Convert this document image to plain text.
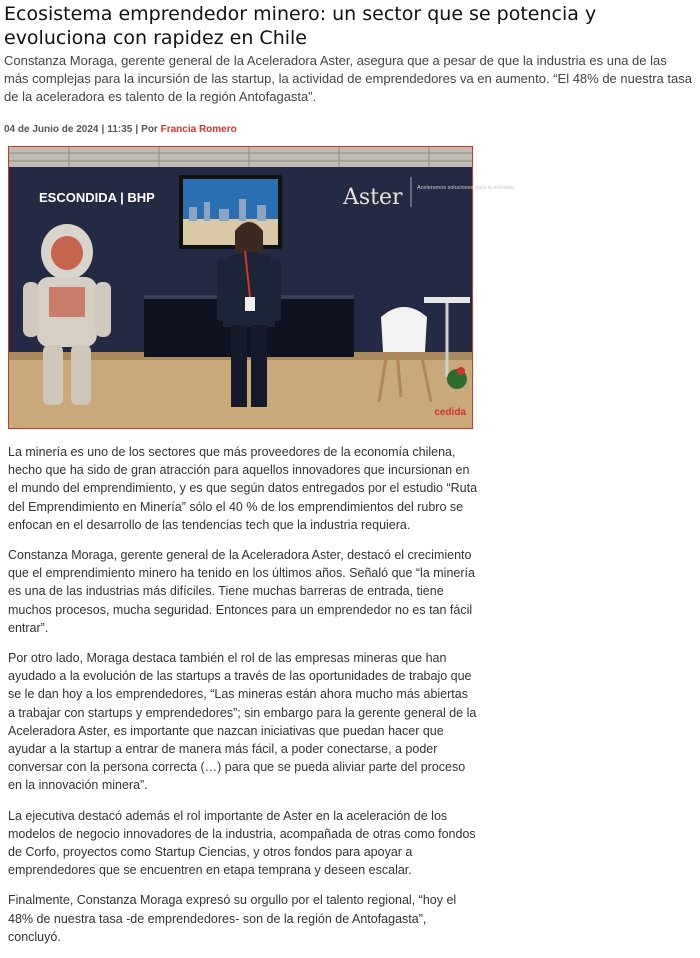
Ecosistema emprendedor minero: un sector que se potencia y evoluciona con rapidez en Chile

Constanza Moraga, gerente general de la Aceleradora Aster, asegura que a pesar de que la industria es una de las más complejas para la incursión de las startup, la actividad de emprendedores va en aumento. “El 48% de nuestra tasa de la aceleradora es talento de la región Antofagasta”.

04 de Junio de 2024 | 11:35 | Por Francia Romero

ESCONDIDA | BHP	Aster	Aceleramos soluciones para la industria

cedida

La minería es uno de los sectores que más proveedores de la economía chilena, hecho que ha sido de gran atracción para aquellos innovadores que incursionan en el mundo del emprendimiento, y es que según datos entregados por el estudio “Ruta del Emprendimiento en Minería” sólo el 40 % de los emprendimientos del rubro se enfocan en el desarrollo de las tendencias tech que la industria requiera.

Constanza Moraga, gerente general de la Aceleradora Aster, destacó el crecimiento que el emprendimiento minero ha tenido en los últimos años. Señaló que “la minería es una de las industrias más difíciles. Tiene muchas barreras de entrada, tiene muchos procesos, mucha seguridad. Entonces para un emprendedor no es tan fácil entrar”.

Por otro lado, Moraga destaca también el rol de las empresas mineras que han ayudado a la evolución de las startups a través de las oportunidades de trabajo que se le dan hoy a los emprendedores, “Las mineras están ahora mucho más abiertas a trabajar con startups y emprendedores”; sin embargo para la gerente general de la Aceleradora Aster, es importante que nazcan iniciativas que puedan hacer que ayudar a la startup a entrar de manera más fácil, a poder conectarse, a poder conversar con la persona correcta (…) para que se pueda aliviar parte del proceso en la innovación minera”.

La ejecutiva destacó además el rol importante de Aster en la aceleración de los modelos de negocio innovadores de la industria, acompañada de otras como fondos de Corfo, proyectos como Startup Ciencias, y otros fondos para apoyar a emprendedores que se encuentren en etapa temprana y deseen escalar.

Finalmente, Constanza Moraga expresó su orgullo por el talento regional, “hoy el 48% de nuestra tasa -de emprendedores- son de la región de Antofagasta”, concluyó.
